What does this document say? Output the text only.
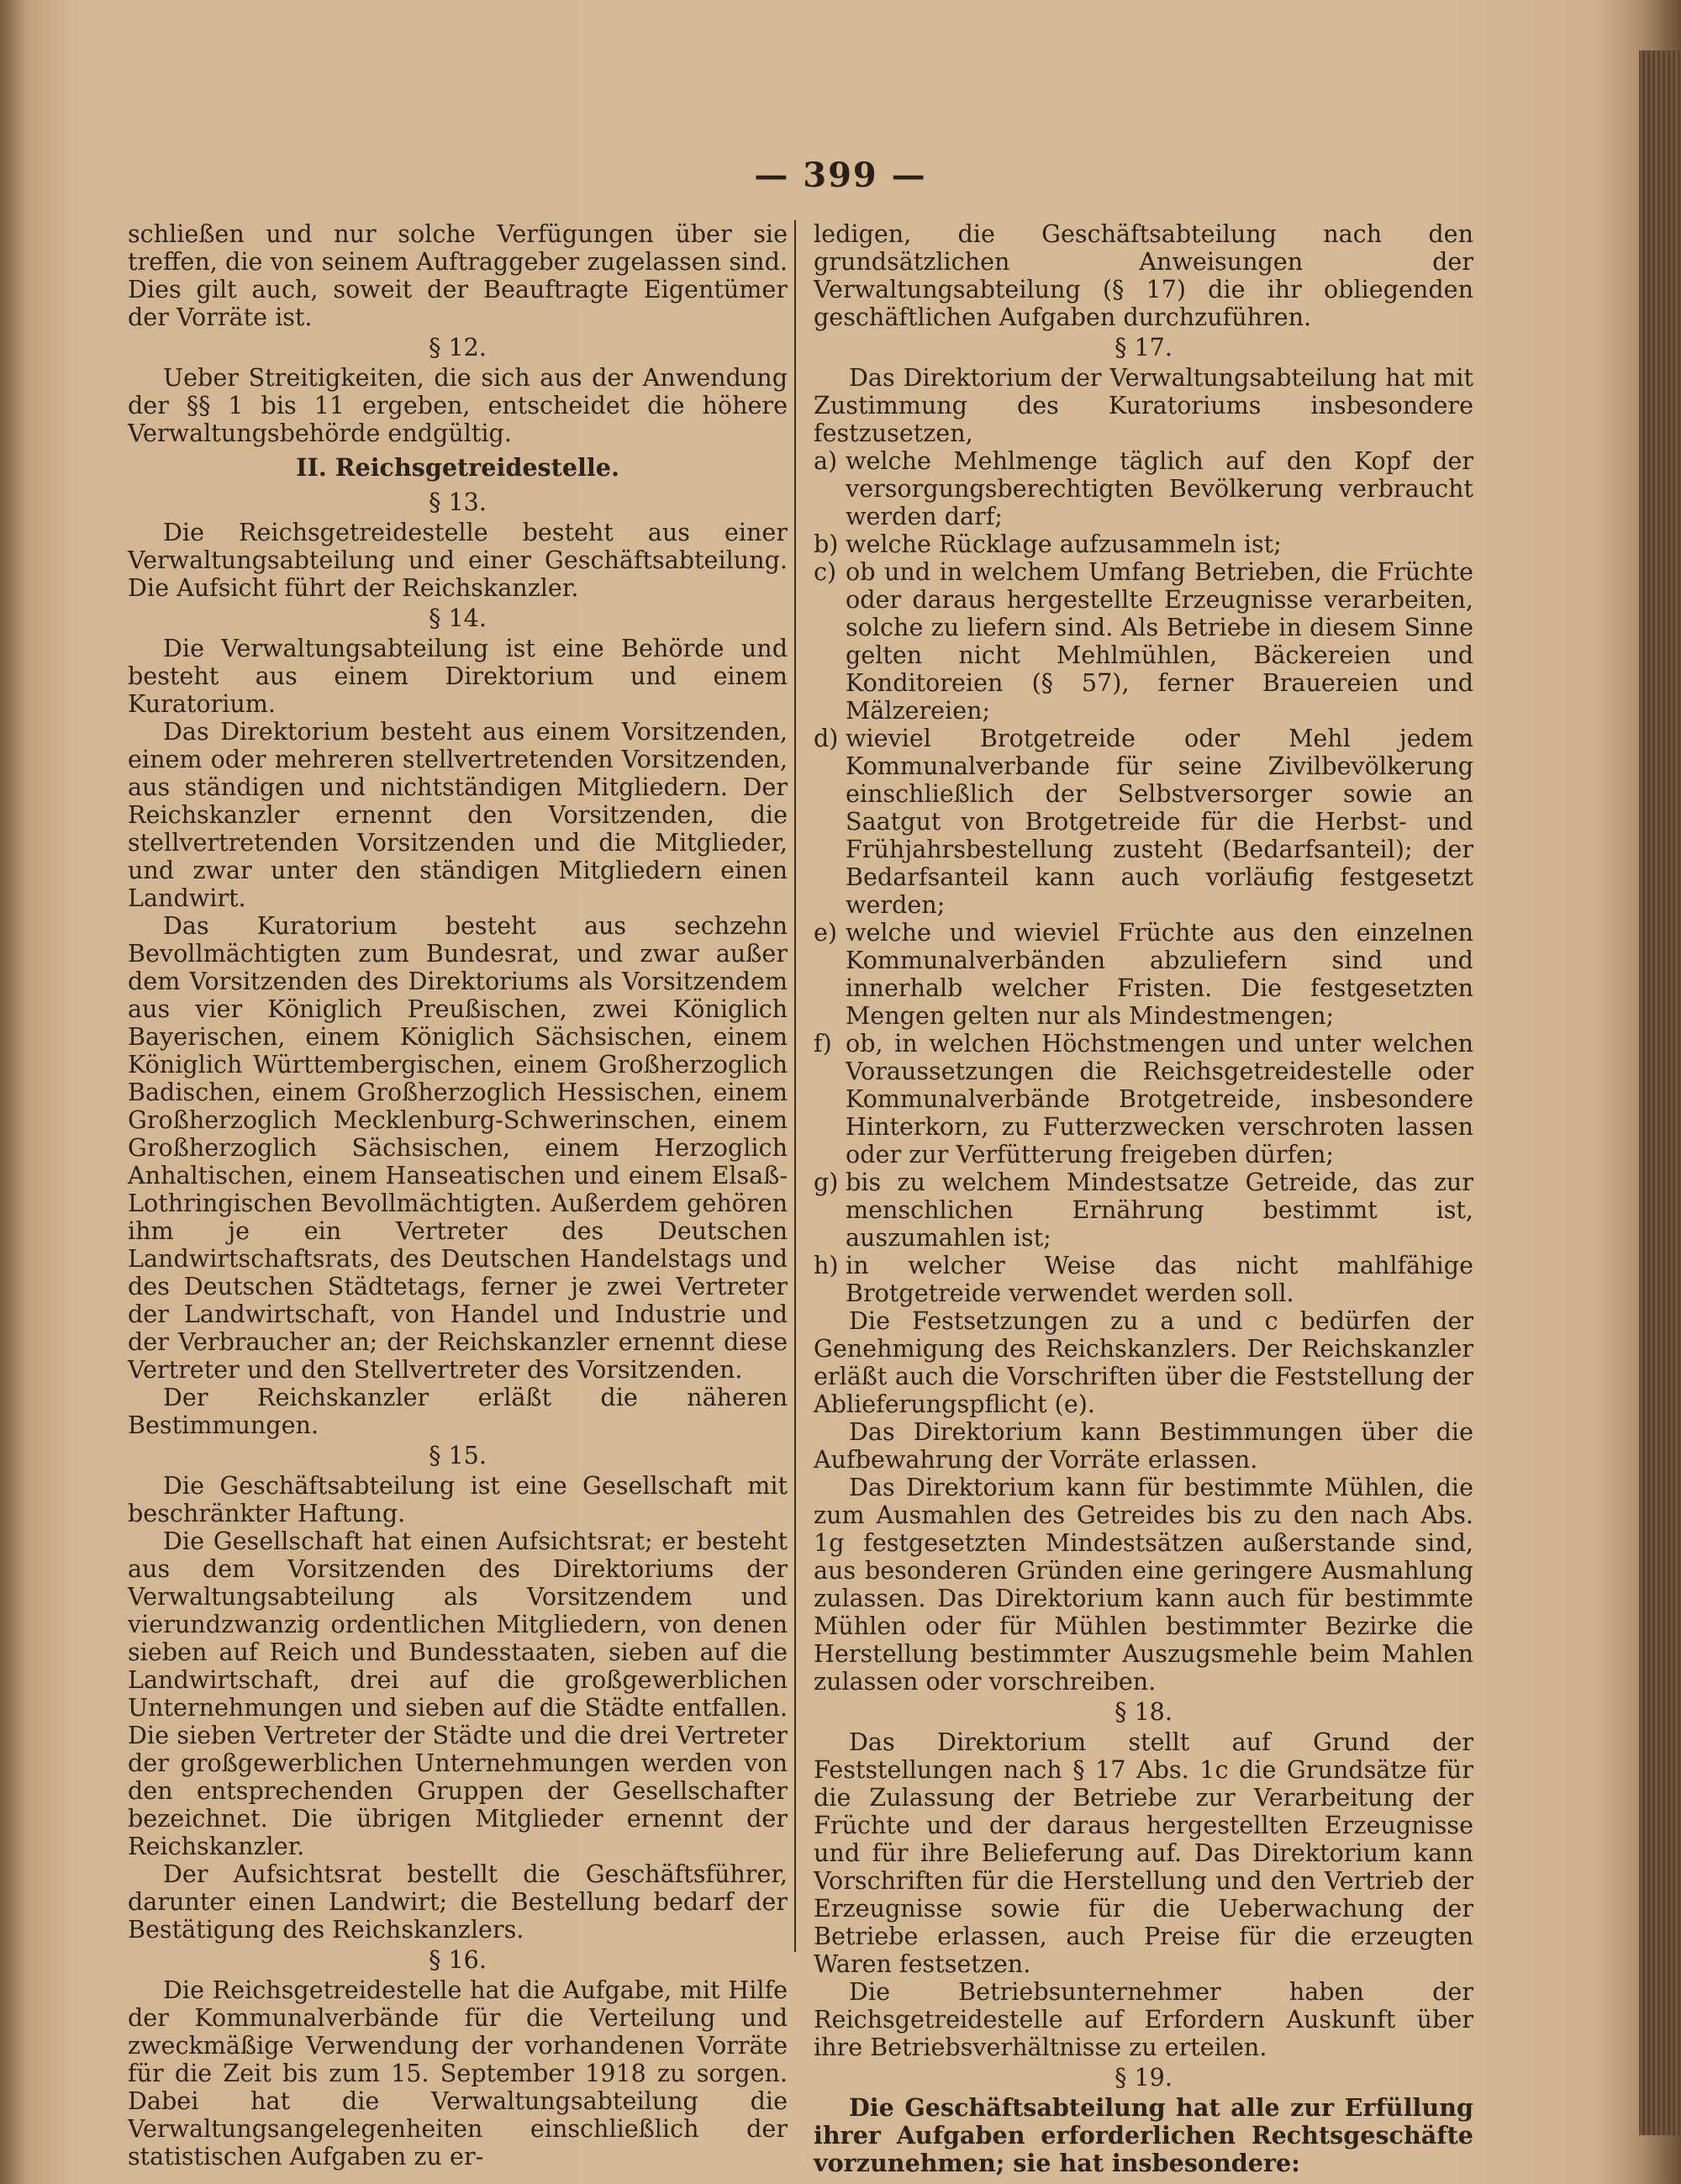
— 399 —

schließen und nur solche Verfügungen über sie treffen, die von seinem Auftraggeber zugelassen sind. Dies gilt auch, soweit der Beauftragte Eigentümer der Vorräte ist.

§ 12.

Ueber Streitigkeiten, die sich aus der Anwendung der §§ 1 bis 11 ergeben, entscheidet die höhere Verwaltungsbehörde endgültig.

II. Reichsgetreidestelle.
§ 13.

Die Reichsgetreidestelle besteht aus einer Verwaltungsabteilung und einer Geschäftsabteilung. Die Aufsicht führt der Reichskanzler.

§ 14.

Die Verwaltungsabteilung ist eine Behörde und besteht aus einem Direktorium und einem Kuratorium.

Das Direktorium besteht aus einem Vorsitzenden, einem oder mehreren stellvertretenden Vorsitzenden, aus ständigen und nichtständigen Mitgliedern. Der Reichskanzler ernennt den Vorsitzenden, die stellvertretenden Vorsitzenden und die Mitglieder, und zwar unter den ständigen Mitgliedern einen Landwirt.

Das Kuratorium besteht aus sechzehn Bevollmächtigten zum Bundesrat, und zwar außer dem Vorsitzenden des Direktoriums als Vorsitzendem aus vier Königlich Preußischen, zwei Königlich Bayerischen, einem Königlich Sächsischen, einem Königlich Württembergischen, einem Großherzoglich Badischen, einem Großherzoglich Hessischen, einem Großherzoglich Mecklenburg-Schwerinschen, einem Großherzoglich Sächsischen, einem Herzoglich Anhaltischen, einem Hanseatischen und einem Elsaß-Lothringischen Bevollmächtigten. Außerdem gehören ihm je ein Vertreter des Deutschen Landwirtschaftsrats, des Deutschen Handelstags und des Deutschen Städtetags, ferner je zwei Vertreter der Landwirtschaft, von Handel und Industrie und der Verbraucher an; der Reichskanzler ernennt diese Vertreter und den Stellvertreter des Vorsitzenden.

Der Reichskanzler erläßt die näheren Bestimmungen.

§ 15.

Die Geschäftsabteilung ist eine Gesellschaft mit beschränkter Haftung.

Die Gesellschaft hat einen Aufsichtsrat; er besteht aus dem Vorsitzenden des Direktoriums der Verwaltungsabteilung als Vorsitzendem und vierundzwanzig ordentlichen Mitgliedern, von denen sieben auf Reich und Bundesstaaten, sieben auf die Landwirtschaft, drei auf die großgewerblichen Unternehmungen und sieben auf die Städte entfallen. Die sieben Vertreter der Städte und die drei Vertreter der großgewerblichen Unternehmungen werden von den entsprechenden Gruppen der Gesellschafter bezeichnet. Die übrigen Mitglieder ernennt der Reichskanzler.

Der Aufsichtsrat bestellt die Geschäftsführer, darunter einen Landwirt; die Bestellung bedarf der Bestätigung des Reichskanzlers.

§ 16.

Die Reichsgetreidestelle hat die Aufgabe, mit Hilfe der Kommunalverbände für die Verteilung und zweckmäßige Verwendung der vorhandenen Vorräte für die Zeit bis zum 15. September 1918 zu sorgen. Dabei hat die Verwaltungsabteilung die Verwaltungsangelegenheiten einschließlich der statistischen Aufgaben zu er-

ledigen, die Geschäftsabteilung nach den grundsätzlichen Anweisungen der Verwaltungsabteilung (§ 17) die ihr obliegenden geschäftlichen Aufgaben durchzuführen.

§ 17.

Das Direktorium der Verwaltungsabteilung hat mit Zustimmung des Kuratoriums insbesondere festzusetzen,

a) welche Mehlmenge täglich auf den Kopf der versorgungsberechtigten Bevölkerung verbraucht werden darf;
b) welche Rücklage aufzusammeln ist;
c) ob und in welchem Umfang Betrieben, die Früchte oder daraus hergestellte Erzeugnisse verarbeiten, solche zu liefern sind. Als Betriebe in diesem Sinne gelten nicht Mehlmühlen, Bäckereien und Konditoreien (§ 57), ferner Brauereien und Mälzereien;
d) wieviel Brotgetreide oder Mehl jedem Kommunalverbande für seine Zivilbevölkerung einschließlich der Selbstversorger sowie an Saatgut von Brotgetreide für die Herbst- und Frühjahrsbestellung zusteht (Bedarfsanteil); der Bedarfsanteil kann auch vorläufig festgesetzt werden;
e) welche und wieviel Früchte aus den einzelnen Kommunalverbänden abzuliefern sind und innerhalb welcher Fristen. Die festgesetzten Mengen gelten nur als Mindestmengen;
f) ob, in welchen Höchstmengen und unter welchen Voraussetzungen die Reichsgetreidestelle oder Kommunalverbände Brotgetreide, insbesondere Hinterkorn, zu Futterzwecken verschroten lassen oder zur Verfütterung freigeben dürfen;
g) bis zu welchem Mindestsatze Getreide, das zur menschlichen Ernährung bestimmt ist, auszumahlen ist;
h) in welcher Weise das nicht mahlfähige Brotgetreide verwendet werden soll.

Die Festsetzungen zu a und c bedürfen der Genehmigung des Reichskanzlers. Der Reichskanzler erläßt auch die Vorschriften über die Feststellung der Ablieferungspflicht (e).

Das Direktorium kann Bestimmungen über die Aufbewahrung der Vorräte erlassen.

Das Direktorium kann für bestimmte Mühlen, die zum Ausmahlen des Getreides bis zu den nach Abs. 1g festgesetzten Mindestsätzen außerstande sind, aus besonderen Gründen eine geringere Ausmahlung zulassen. Das Direktorium kann auch für bestimmte Mühlen oder für Mühlen bestimmter Bezirke die Herstellung bestimmter Auszugsmehle beim Mahlen zulassen oder vorschreiben.

§ 18.

Das Direktorium stellt auf Grund der Feststellungen nach § 17 Abs. 1c die Grundsätze für die Zulassung der Betriebe zur Verarbeitung der Früchte und der daraus hergestellten Erzeugnisse und für ihre Belieferung auf. Das Direktorium kann Vorschriften für die Herstellung und den Vertrieb der Erzeugnisse sowie für die Ueberwachung der Betriebe erlassen, auch Preise für die erzeugten Waren festsetzen.

Die Betriebsunternehmer haben der Reichsgetreidestelle auf Erfordern Auskunft über ihre Betriebsverhältnisse zu erteilen.

§ 19.

Die Geschäftsabteilung hat alle zur Erfüllung ihrer Aufgaben erforderlichen Rechtsgeschäfte vorzunehmen; sie hat insbesondere:
